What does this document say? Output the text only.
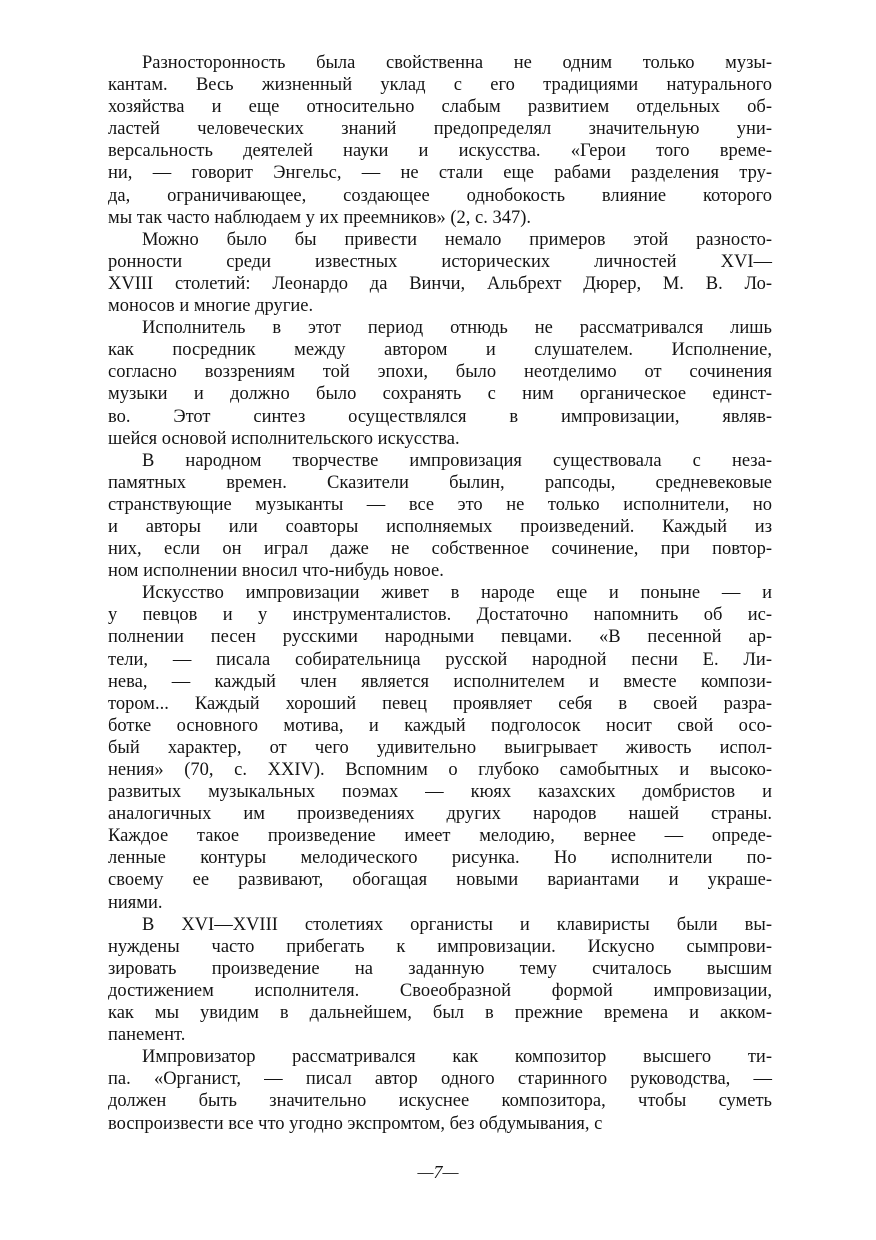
Разносторонность была свойственна не одним только музы-
кантам. Весь жизненный уклад с его традициями натурального
хозяйства и еще относительно слабым развитием отдельных об-
ластей человеческих знаний предопределял значительную уни-
версальность деятелей науки и искусства. «Герои того време-
ни, — говорит Энгельс, — не стали еще рабами разделения тру-
да, ограничивающее, создающее однобокость влияние которого
мы так часто наблюдаем у их преемников» (2, с. 347).
Можно было бы привести немало примеров этой разносто-
ронности среди известных исторических личностей XVI—
XVIII столетий: Леонардо да Винчи, Альбрехт Дюрер, М. В. Ло-
моносов и многие другие.
Исполнитель в этот период отнюдь не рассматривался лишь
как посредник между автором и слушателем. Исполнение,
согласно воззрениям той эпохи, было неотделимо от сочинения
музыки и должно было сохранять с ним органическое единст-
во. Этот синтез осуществлялся в импровизации, являв-
шейся основой исполнительского искусства.
В народном творчестве импровизация существовала с неза-
памятных времен. Сказители былин, рапсоды, средневековые
странствующие музыканты — все это не только исполнители, но
и авторы или соавторы исполняемых произведений. Каждый из
них, если он играл даже не собственное сочинение, при повтор-
ном исполнении вносил что-нибудь новое.
Искусство импровизации живет в народе еще и поныне — и
у певцов и у инструменталистов. Достаточно напомнить об ис-
полнении песен русскими народными певцами. «В песенной ар-
тели, — писала собирательница русской народной песни Е. Ли-
нева, — каждый член является исполнителем и вместе компози-
тором... Каждый хороший певец проявляет себя в своей разра-
ботке основного мотива, и каждый подголосок носит свой осо-
бый характер, от чего удивительно выигрывает живость испол-
нения» (70, с. XXIV). Вспомним о глубоко самобытных и высоко-
развитых музыкальных поэмах — кюях казахских домбристов и
аналогичных им произведениях других народов нашей страны.
Каждое такое произведение имеет мелодию, вернее — опреде-
ленные контуры мелодического рисунка. Но исполнители по-
своему ее развивают, обогащая новыми вариантами и украше-
ниями.
В XVI—XVIII столетиях органисты и клавиристы были вы-
нуждены часто прибегать к импровизации. Искусно сымпрови-
зировать произведение на заданную тему считалось высшим
достижением исполнителя. Своеобразной формой импровизации,
как мы увидим в дальнейшем, был в прежние времена и акком-
панемент.
Импровизатор рассматривался как композитор высшего ти-
па. «Органист, — писал автор одного старинного руководства, —
должен быть значительно искуснее композитора, чтобы суметь
воспроизвести все что угодно экспромтом, без обдумывания, с
—7—
